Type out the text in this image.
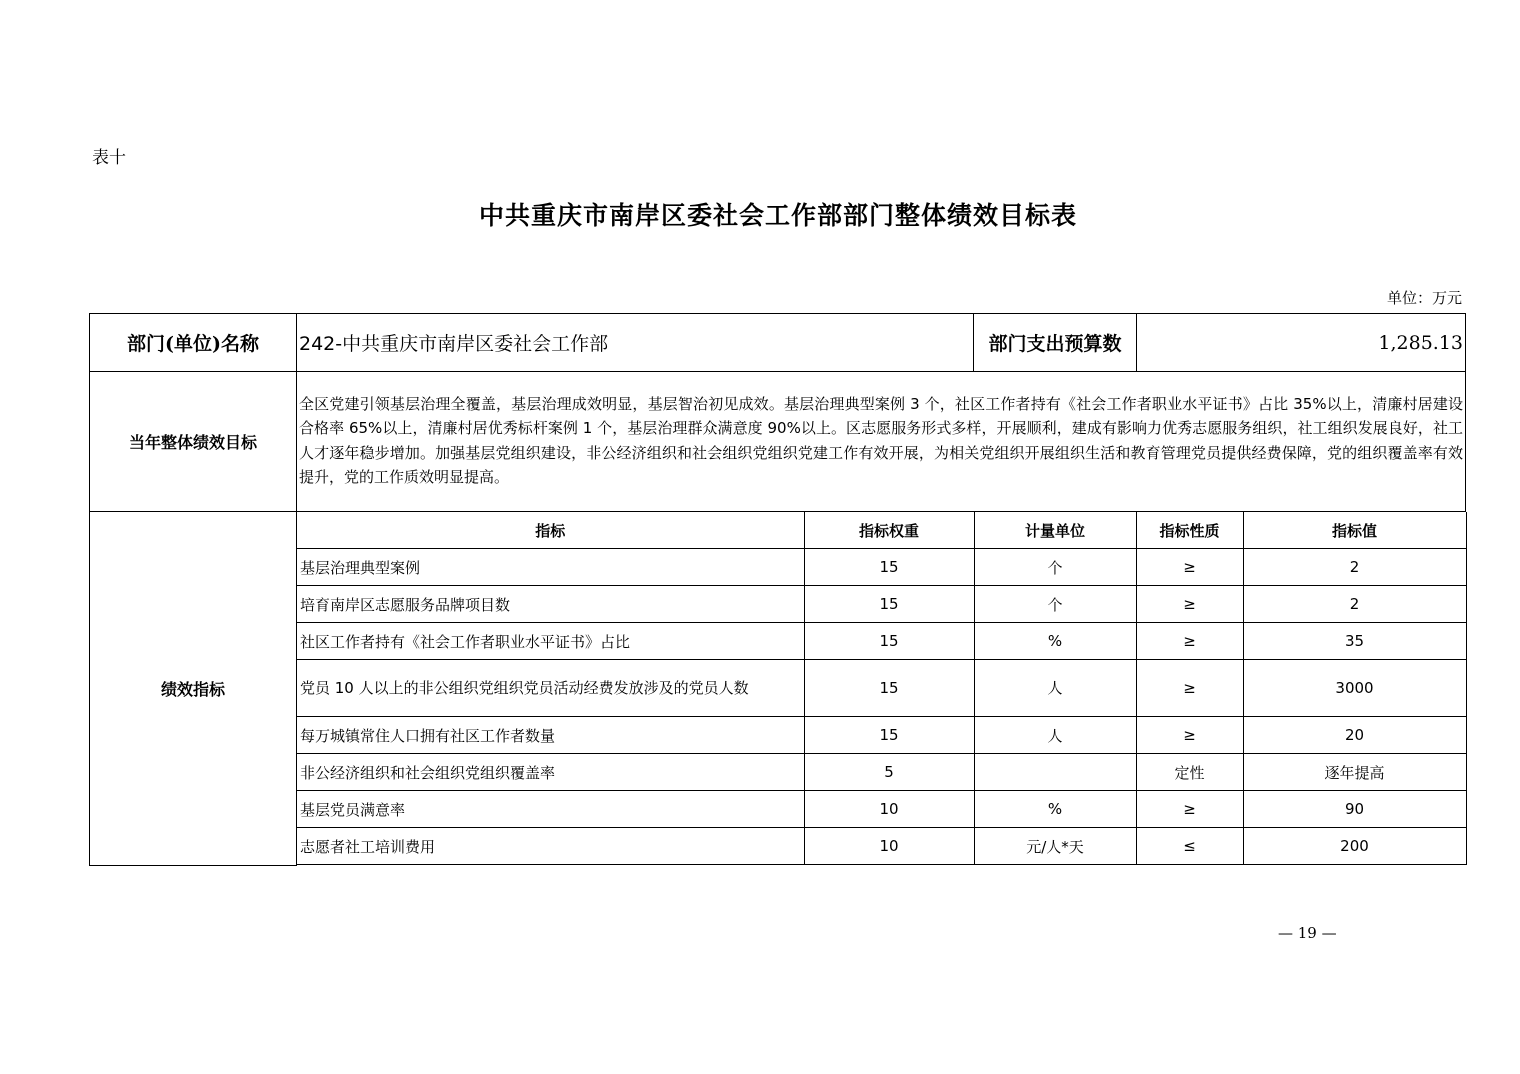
表十
中共重庆市南岸区委社会工作部部门整体绩效目标表
单位：万元
部门(单位)名称	242-中共重庆市南岸区委社会工作部	部门支出预算数	1,285.13
当年整体绩效目标	全区党建引领基层治理全覆盖，基层治理成效明显，基层智治初见成效。基层治理典型案例 3 个，社区工作者持有《社会工作者职业水平证书》占比 35%以上，清廉村居建设合格率 65%以上，清廉村居优秀标杆案例 1 个，基层治理群众满意度 90%以上。区志愿服务形式多样，开展顺利，建成有影响力优秀志愿服务组织，社工组织发展良好，社工人才逐年稳步增加。加强基层党组织建设，非公经济组织和社会组织党组织党建工作有效开展，为相关党组织开展组织生活和教育管理党员提供经费保障，党的组织覆盖率有效提升，党的工作质效明显提高。
绩效指标	
指标	指标权重	计量单位	指标性质	指标值
基层治理典型案例	15	个	≥	2
培育南岸区志愿服务品牌项目数	15	个	≥	2
社区工作者持有《社会工作者职业水平证书》占比	15	%	≥	35
党员 10 人以上的非公组织党组织党员活动经费发放涉及的党员人数	15	人	≥	3000
每万城镇常住人口拥有社区工作者数量	15	人	≥	20
非公经济组织和社会组织党组织覆盖率	5		定性	逐年提高
基层党员满意率	10	%	≥	90
志愿者社工培训费用	10	元/人*天	≤	200
— 19 —
